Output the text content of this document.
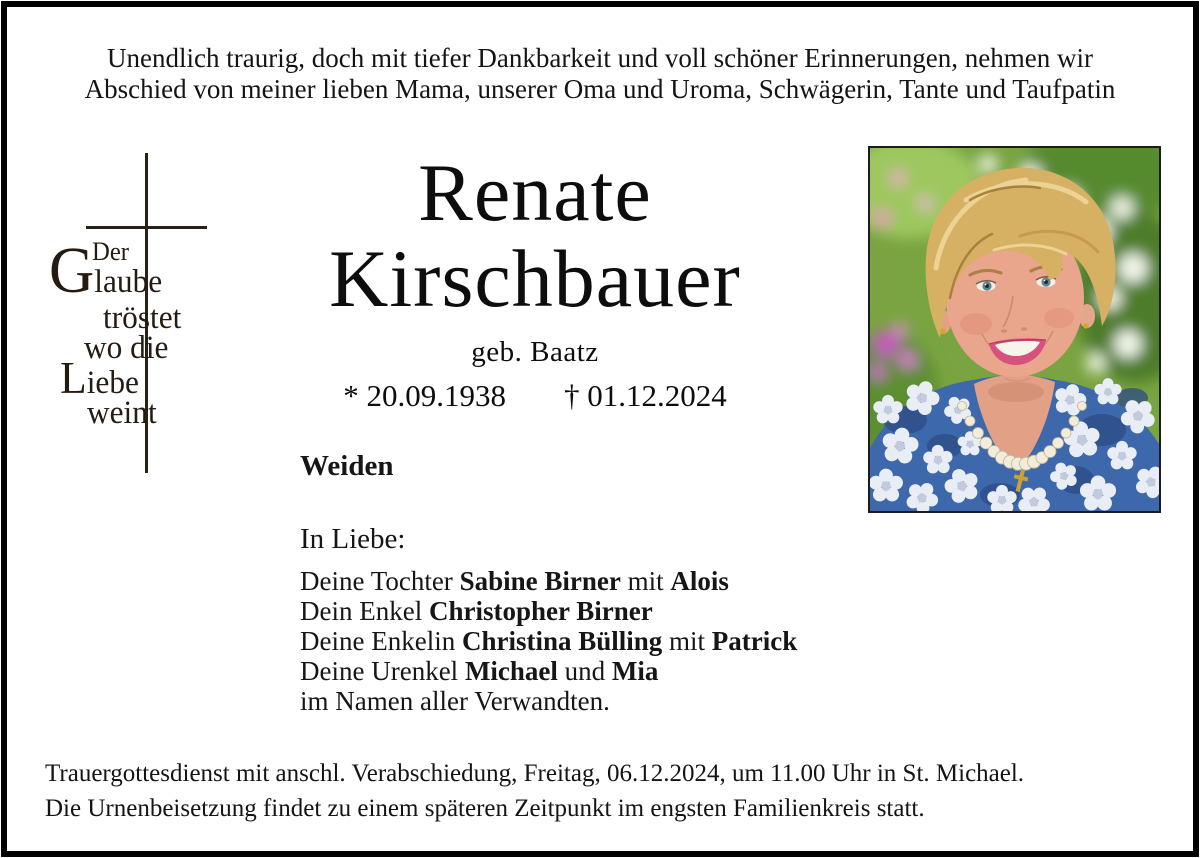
Unendlich traurig, doch mit tiefer Dankbarkeit und voll schöner Erinnerungen, nehmen wir
Abschied von meiner lieben Mama, unserer Oma und Uroma, Schwägerin, Tante und Taufpatin
Der
Glaube
tröstet
wo die
Liebe
weint
Renate
Kirschbauer
geb. Baatz
* 20.09.1938 † 01.12.2024
Weiden
In Liebe:
Deine Tochter Sabine Birner mit Alois
Dein Enkel Christopher Birner
Deine Enkelin Christina Bülling mit Patrick
Deine Urenkel Michael und Mia
im Namen aller Verwandten.
Trauergottesdienst mit anschl. Verabschiedung, Freitag, 06.12.2024, um 11.00 Uhr in St. Michael.
Die Urnenbeisetzung findet zu einem späteren Zeitpunkt im engsten Familienkreis statt.
